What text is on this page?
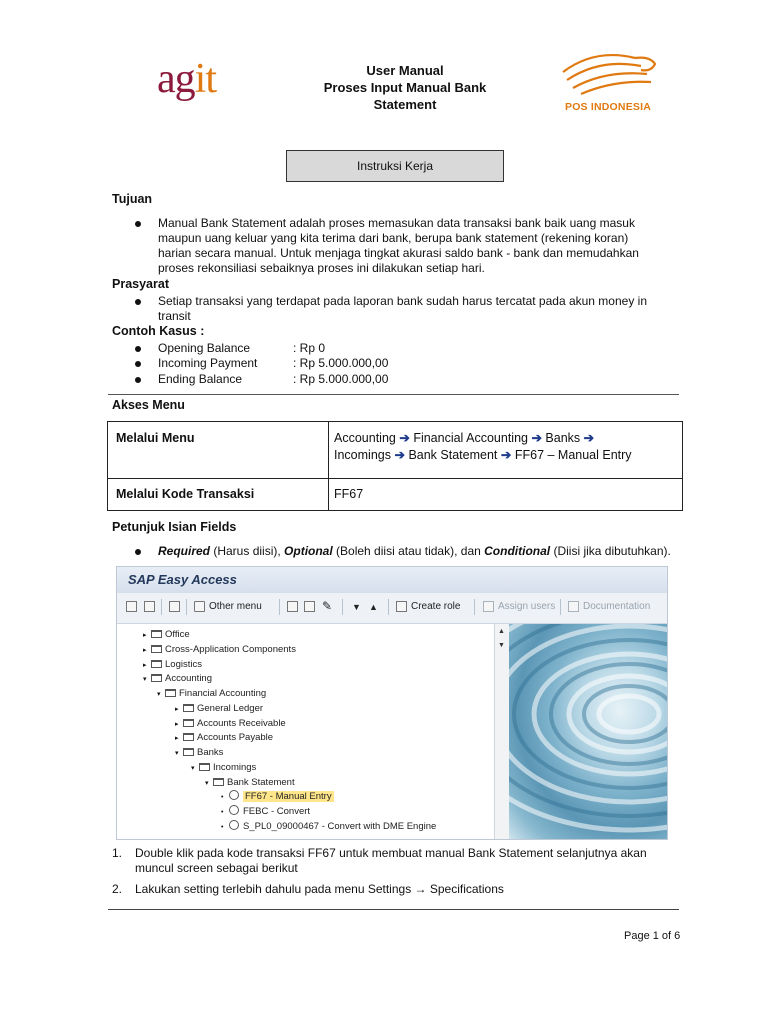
agit	User Manual
Proses Input Manual Bank
Statement	POS INDONESIA
Instruksi Kerja
Tujuan
Manual Bank Statement adalah proses memasukan data transaksi bank baik uang masuk
maupun uang keluar yang kita terima dari bank, berupa bank statement (rekening koran)
harian secara manual. Untuk menjaga tingkat akurasi saldo bank - bank dan memudahkan
proses rekonsiliasi sebaiknya proses ini dilakukan setiap hari.
Prasyarat
Setiap transaksi yang terdapat pada laporan bank sudah harus tercatat pada akun money in
transit
Contoh Kasus :
Opening Balance	: Rp 0
Incoming Payment	: Rp 5.000.000,00
Ending Balance	: Rp 5.000.000,00
Akses Menu
Melalui Menu	Accounting ➔ Financial Accounting ➔ Banks ➔
Incomings ➔ Bank Statement ➔ FF67 – Manual Entry
Melalui Kode Transaksi	FF67
Petunjuk Isian Fields
Required (Harus diisi), Optional (Boleh diisi atau tidak), dan Conditional (Diisi jika dibutuhkan).
SAP Easy Access
Other menu	✎ ▼ ▲	Create role	Assign users	Documentation
▸ Office
▸ Cross-Application Components
▸ Logistics
▾ Accounting
▾ Financial Accounting
▸ General Ledger
▸ Accounts Receivable
▸ Accounts Payable
▾ Banks
▾ Incomings
▾ Bank Statement
• FF67 - Manual Entry
• FEBC - Convert
• S_PL0_09000467 - Convert with DME Engine
▲
▼
1. Double klik pada kode transaksi FF67 untuk membuat manual Bank Statement selanjutnya akan
muncul screen sebagai berikut
2. Lakukan setting terlebih dahulu pada menu Settings → Specifications
Page 1 of 6
